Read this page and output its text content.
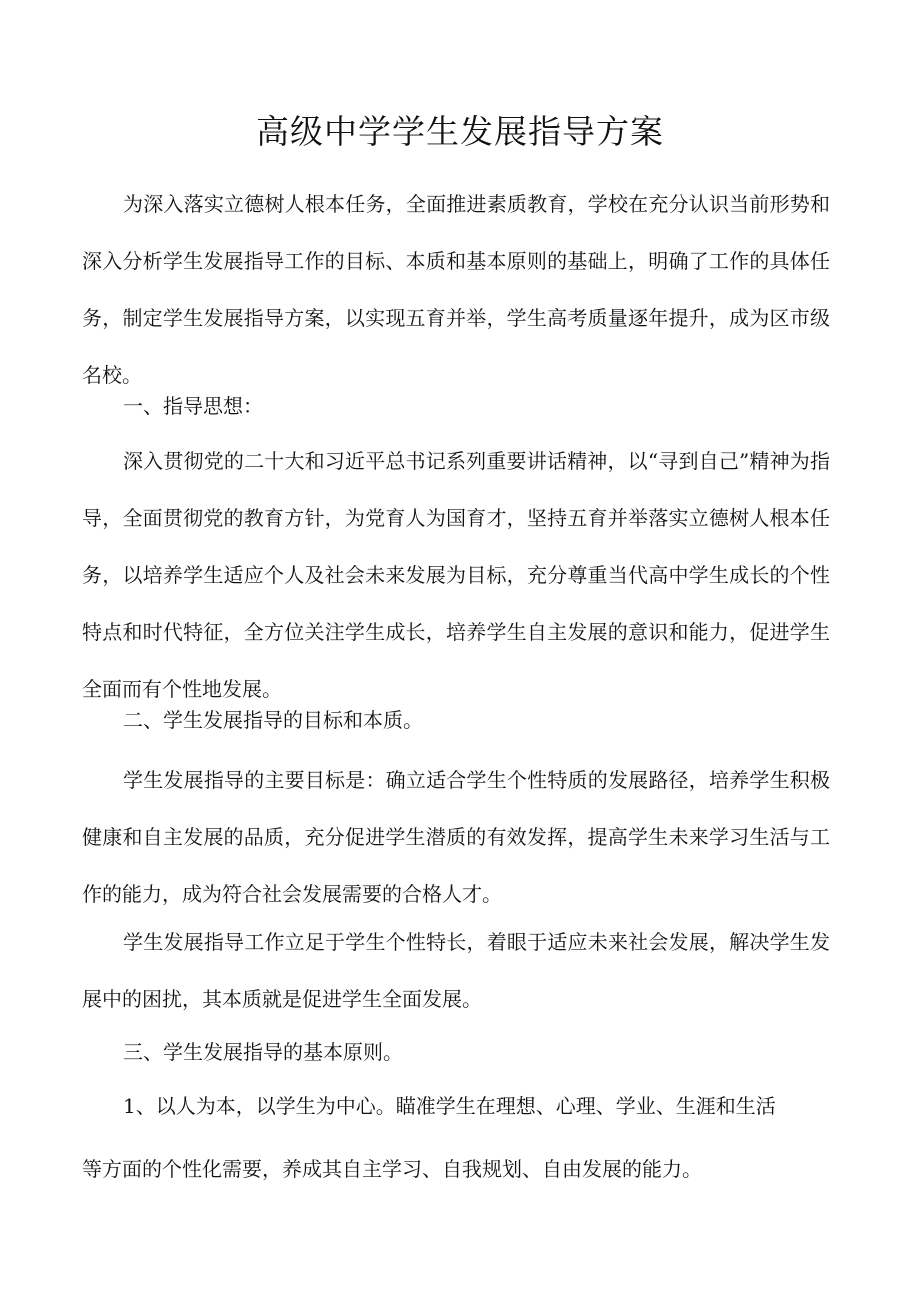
高级中学学生发展指导方案

为深入落实立德树人根本任务，全面推进素质教育，学校在充分认识当前形势和深入分析学生发展指导工作的目标、本质和基本原则的基础上，明确了工作的具体任务，制定学生发展指导方案，以实现五育并举，学生高考质量逐年提升，成为区市级名校。

一、指导思想：

深入贯彻党的二十大和习近平总书记系列重要讲话精神，以“寻到自己”精神为指导，全面贯彻党的教育方针，为党育人为国育才，坚持五育并举落实立德树人根本任务，以培养学生适应个人及社会未来发展为目标，充分尊重当代高中学生成长的个性特点和时代特征，全方位关注学生成长，培养学生自主发展的意识和能力，促进学生全面而有个性地发展。

二、学生发展指导的目标和本质。

学生发展指导的主要目标是：确立适合学生个性特质的发展路径，培养学生积极健康和自主发展的品质，充分促进学生潜质的有效发挥，提高学生未来学习生活与工作的能力，成为符合社会发展需要的合格人才。

学生发展指导工作立足于学生个性特长，着眼于适应未来社会发展，解决学生发展中的困扰，其本质就是促进学生全面发展。

三、学生发展指导的基本原则。

1、以人为本，以学生为中心。瞄准学生在理想、心理、学业、生涯和生活

等方面的个性化需要，养成其自主学习、自我规划、自由发展的能力。
